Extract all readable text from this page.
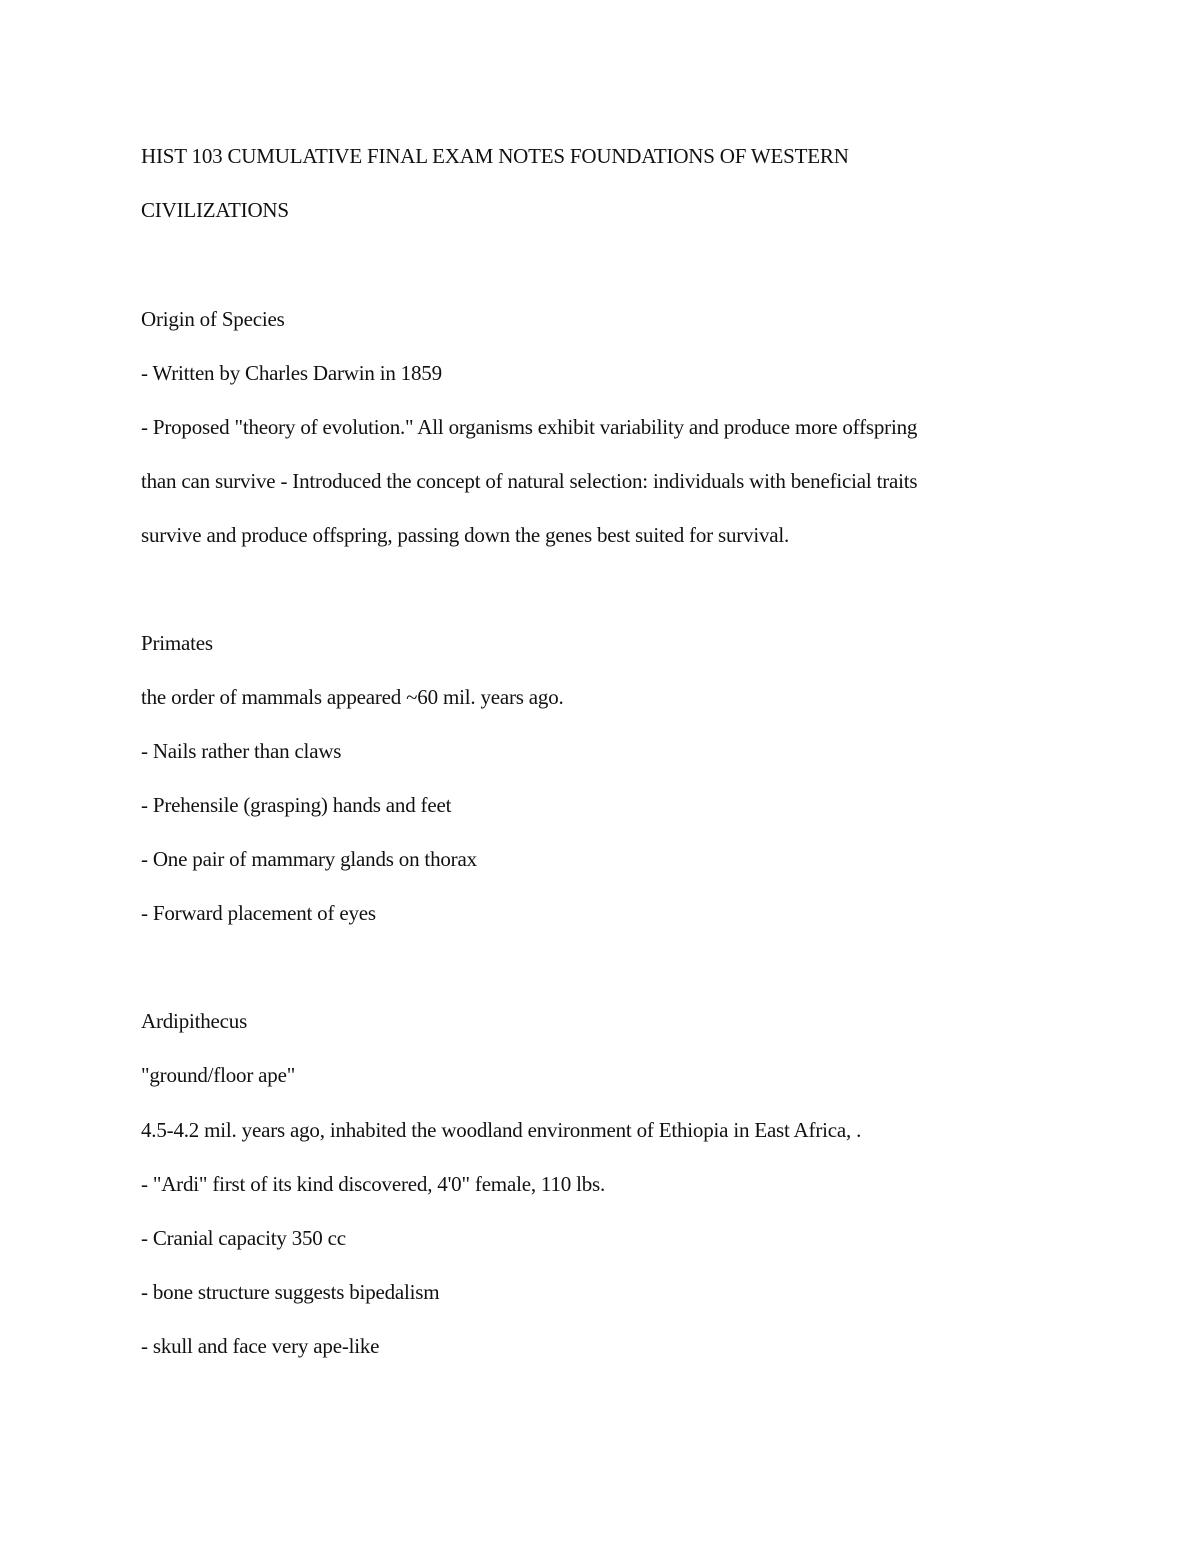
HIST 103 CUMULATIVE FINAL EXAM NOTES FOUNDATIONS OF WESTERN
CIVILIZATIONS
Origin of Species
- Written by Charles Darwin in 1859
- Proposed "theory of evolution." All organisms exhibit variability and produce more offspring
than can survive - Introduced the concept of natural selection: individuals with beneficial traits
survive and produce offspring, passing down the genes best suited for survival.
Primates
the order of mammals appeared ~60 mil. years ago.
- Nails rather than claws
- Prehensile (grasping) hands and feet
- One pair of mammary glands on thorax
- Forward placement of eyes
Ardipithecus
"ground/floor ape"
4.5-4.2 mil. years ago, inhabited the woodland environment of Ethiopia in East Africa, .
- "Ardi" first of its kind discovered, 4'0" female, 110 lbs.
- Cranial capacity 350 cc
- bone structure suggests bipedalism
- skull and face very ape-like
